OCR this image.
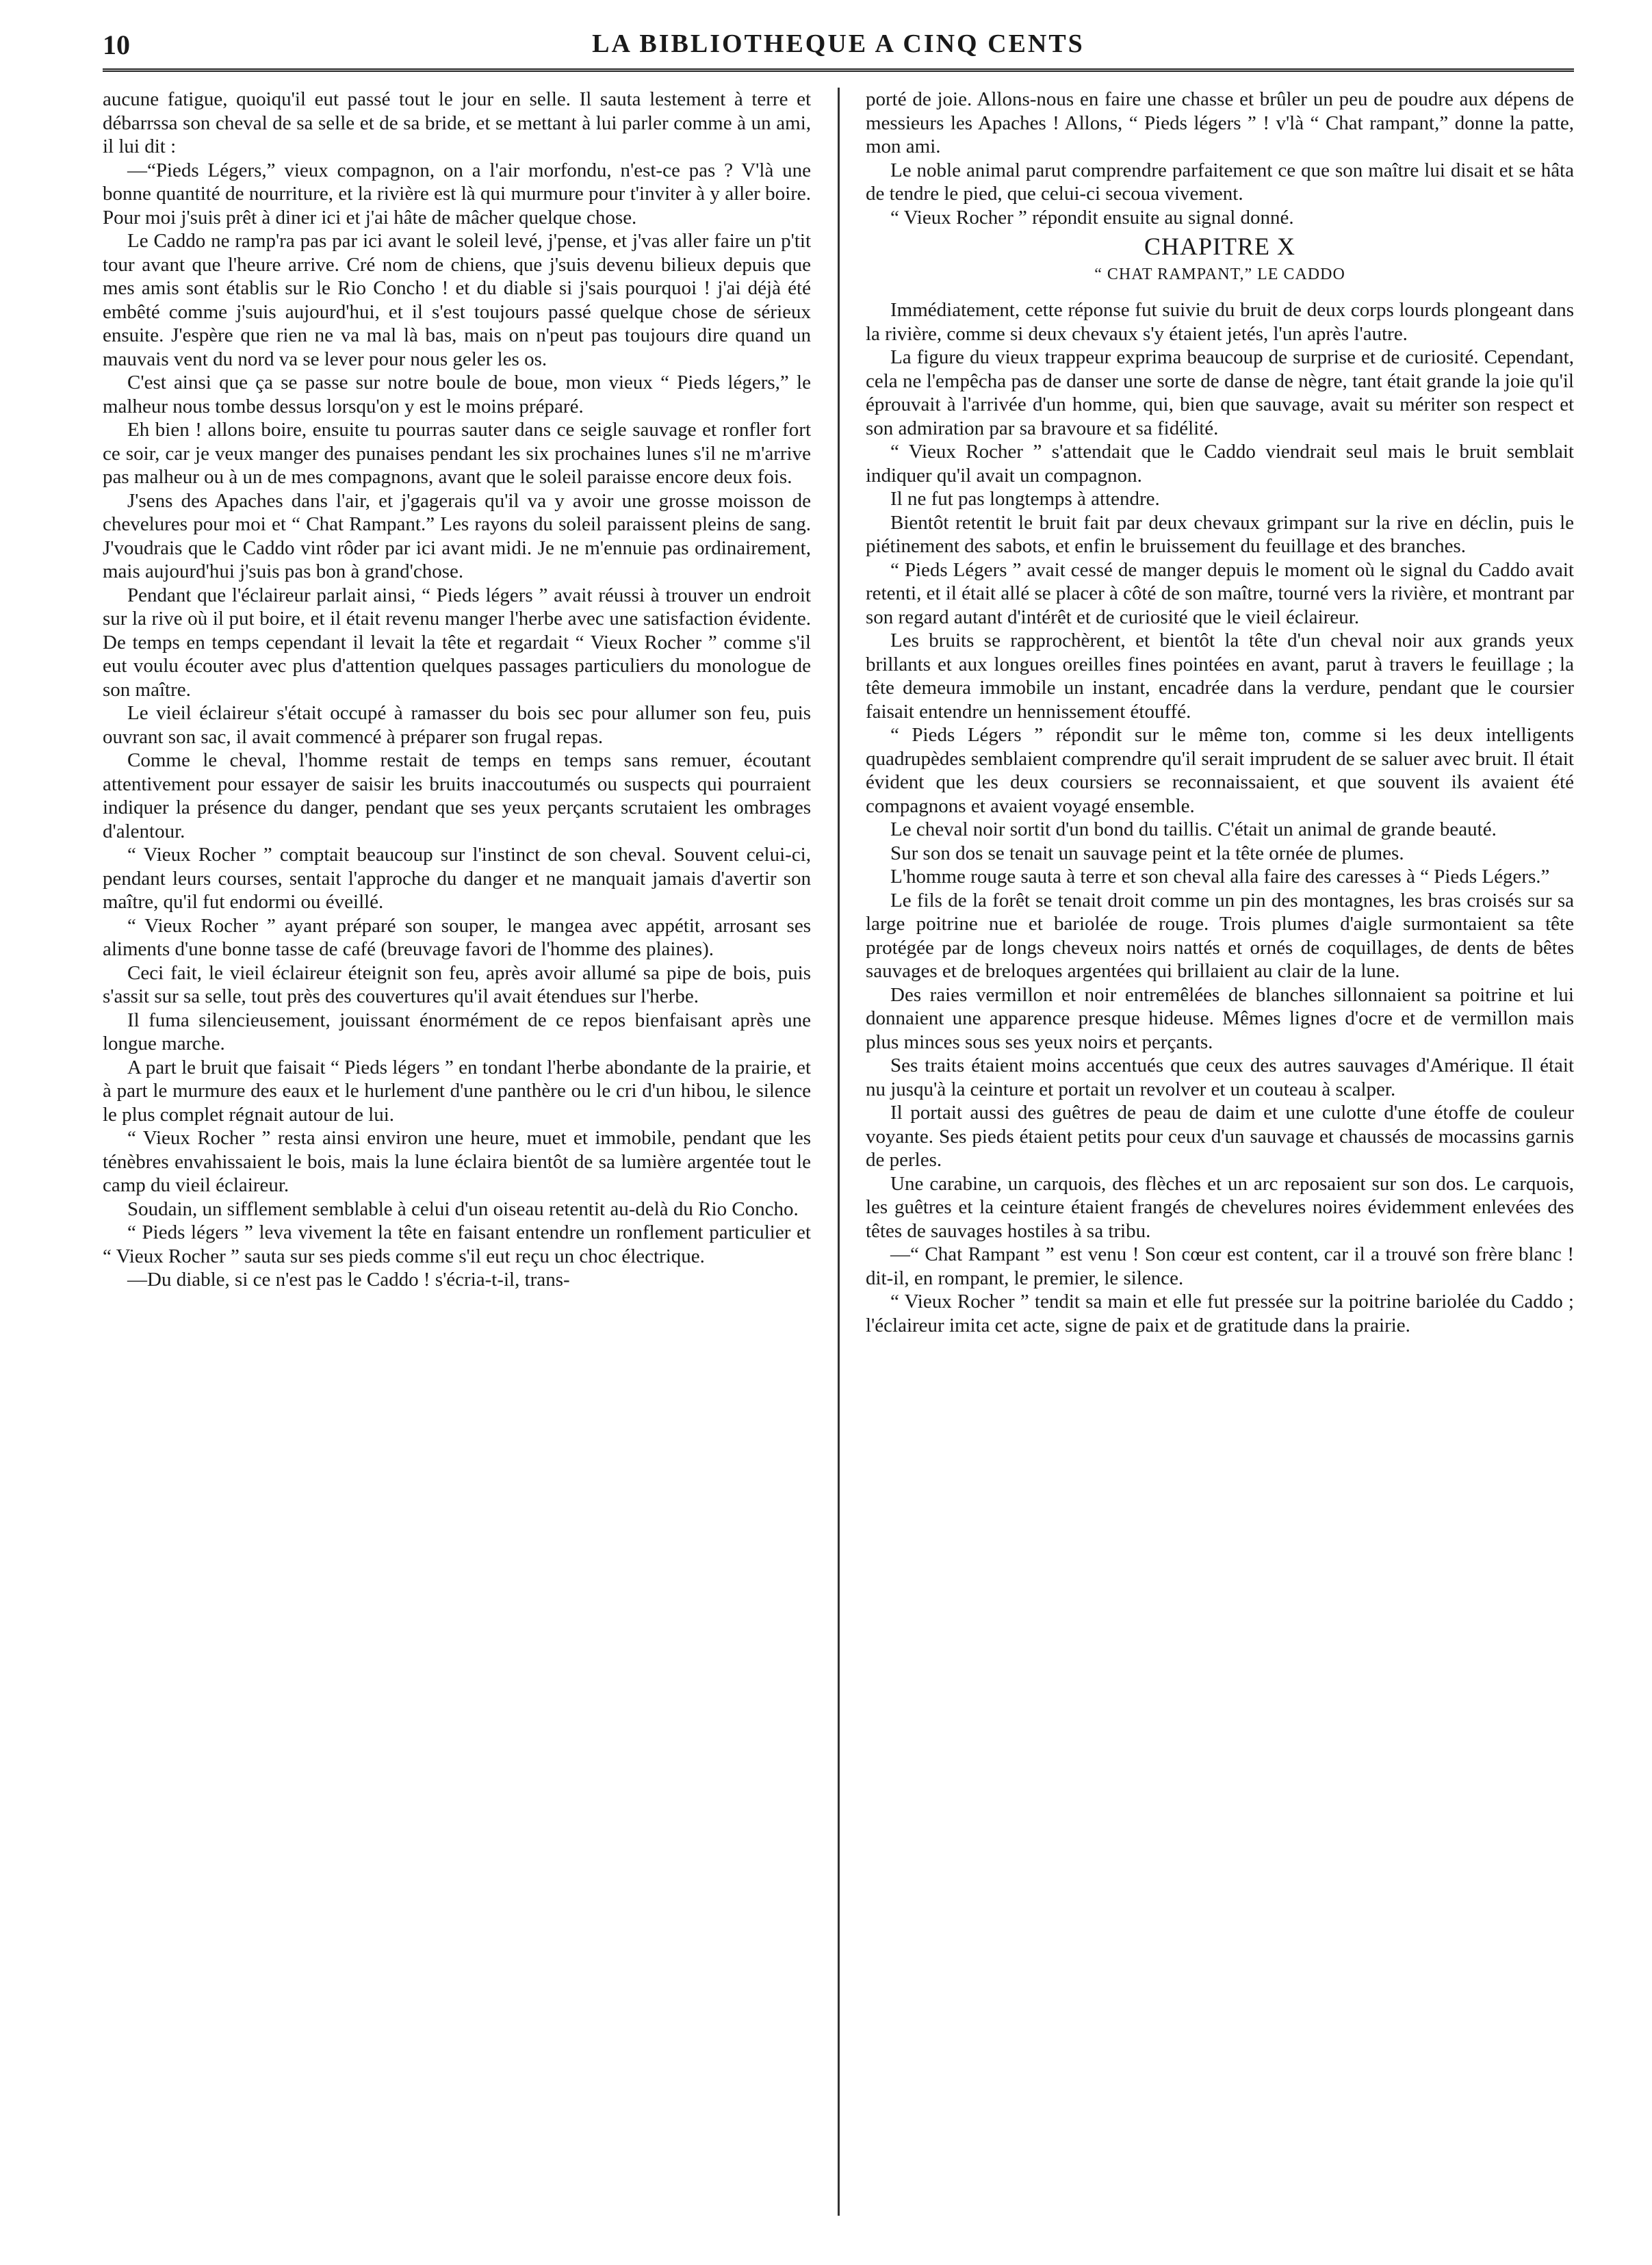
10	LA BIBLIOTHEQUE A CINQ CENTS

aucune fatigue, quoiqu'il eut passé tout le jour en selle. Il sauta lestement à terre et débarrssa son cheval de sa selle et de sa bride, et se mettant à lui parler comme à un ami, il lui dit :

—“Pieds Légers,” vieux compagnon, on a l'air morfondu, n'est-ce pas ? V'là une bonne quantité de nourriture, et la rivière est là qui murmure pour t'inviter à y aller boire. Pour moi j'suis prêt à diner ici et j'ai hâte de mâcher quelque chose.

Le Caddo ne ramp'ra pas par ici avant le soleil levé, j'pense, et j'vas aller faire un p'tit tour avant que l'heure arrive. Cré nom de chiens, que j'suis devenu bilieux depuis que mes amis sont établis sur le Rio Concho ! et du diable si j'sais pourquoi ! j'ai déjà été embêté comme j'suis aujourd'hui, et il s'est toujours passé quelque chose de sérieux ensuite. J'espère que rien ne va mal là bas, mais on n'peut pas toujours dire quand un mauvais vent du nord va se lever pour nous geler les os.

C'est ainsi que ça se passe sur notre boule de boue, mon vieux “ Pieds légers,” le malheur nous tombe dessus lorsqu'on y est le moins préparé.

Eh bien ! allons boire, ensuite tu pourras sauter dans ce seigle sauvage et ronfler fort ce soir, car je veux manger des punaises pendant les six prochaines lunes s'il ne m'arrive pas malheur ou à un de mes compagnons, avant que le soleil paraisse encore deux fois.

J'sens des Apaches dans l'air, et j'gagerais qu'il va y avoir une grosse moisson de chevelures pour moi et “ Chat Rampant.” Les rayons du soleil paraissent pleins de sang. J'voudrais que le Caddo vint rôder par ici avant midi. Je ne m'ennuie pas ordinairement, mais aujourd'hui j'suis pas bon à grand'chose.

Pendant que l'éclaireur parlait ainsi, “ Pieds légers ” avait réussi à trouver un endroit sur la rive où il put boire, et il était revenu manger l'herbe avec une satisfaction évidente. De temps en temps cependant il levait la tête et regardait “ Vieux Rocher ” comme s'il eut voulu écouter avec plus d'attention quelques passages particuliers du monologue de son maître.

Le vieil éclaireur s'était occupé à ramasser du bois sec pour allumer son feu, puis ouvrant son sac, il avait commencé à préparer son frugal repas.

Comme le cheval, l'homme restait de temps en temps sans remuer, écoutant attentivement pour essayer de saisir les bruits inaccoutumés ou suspects qui pourraient indiquer la présence du danger, pendant que ses yeux perçants scrutaient les ombrages d'alentour.

“ Vieux Rocher ” comptait beaucoup sur l'instinct de son cheval. Souvent celui-ci, pendant leurs courses, sentait l'approche du danger et ne manquait jamais d'avertir son maître, qu'il fut endormi ou éveillé.

“ Vieux Rocher ” ayant préparé son souper, le mangea avec appétit, arrosant ses aliments d'une bonne tasse de café (breuvage favori de l'homme des plaines).

Ceci fait, le vieil éclaireur éteignit son feu, après avoir allumé sa pipe de bois, puis s'assit sur sa selle, tout près des couvertures qu'il avait étendues sur l'herbe.

Il fuma silencieusement, jouissant énormément de ce repos bienfaisant après une longue marche.

A part le bruit que faisait “ Pieds légers ” en tondant l'herbe abondante de la prairie, et à part le murmure des eaux et le hurlement d'une panthère ou le cri d'un hibou, le silence le plus complet régnait autour de lui.

“ Vieux Rocher ” resta ainsi environ une heure, muet et immobile, pendant que les ténèbres envahissaient le bois, mais la lune éclaira bientôt de sa lumière argentée tout le camp du vieil éclaireur.

Soudain, un sifflement semblable à celui d'un oiseau retentit au-delà du Rio Concho.

“ Pieds légers ” leva vivement la tête en faisant entendre un ronflement particulier et “ Vieux Rocher ” sauta sur ses pieds comme s'il eut reçu un choc électrique.

—Du diable, si ce n'est pas le Caddo ! s'écria-t-il, trans-

porté de joie. Allons-nous en faire une chasse et brûler un peu de poudre aux dépens de messieurs les Apaches ! Allons, “ Pieds légers ” ! v'là “ Chat rampant,” donne la patte, mon ami.

Le noble animal parut comprendre parfaitement ce que son maître lui disait et se hâta de tendre le pied, que celui-ci secoua vivement.

“ Vieux Rocher ” répondit ensuite au signal donné.

CHAPITRE X
“ CHAT RAMPANT,” LE CADDO

Immédiatement, cette réponse fut suivie du bruit de deux corps lourds plongeant dans la rivière, comme si deux chevaux s'y étaient jetés, l'un après l'autre.

La figure du vieux trappeur exprima beaucoup de surprise et de curiosité. Cependant, cela ne l'empêcha pas de danser une sorte de danse de nègre, tant était grande la joie qu'il éprouvait à l'arrivée d'un homme, qui, bien que sauvage, avait su mériter son respect et son admiration par sa bravoure et sa fidélité.

“ Vieux Rocher ” s'attendait que le Caddo viendrait seul mais le bruit semblait indiquer qu'il avait un compagnon.

Il ne fut pas longtemps à attendre.

Bientôt retentit le bruit fait par deux chevaux grimpant sur la rive en déclin, puis le piétinement des sabots, et enfin le bruissement du feuillage et des branches.

“ Pieds Légers ” avait cessé de manger depuis le moment où le signal du Caddo avait retenti, et il était allé se placer à côté de son maître, tourné vers la rivière, et montrant par son regard autant d'intérêt et de curiosité que le vieil éclaireur.

Les bruits se rapprochèrent, et bientôt la tête d'un cheval noir aux grands yeux brillants et aux longues oreilles fines pointées en avant, parut à travers le feuillage ; la tête demeura immobile un instant, encadrée dans la verdure, pendant que le coursier faisait entendre un hennissement étouffé.

“ Pieds Légers ” répondit sur le même ton, comme si les deux intelligents quadrupèdes semblaient comprendre qu'il serait imprudent de se saluer avec bruit. Il était évident que les deux coursiers se reconnaissaient, et que souvent ils avaient été compagnons et avaient voyagé ensemble.

Le cheval noir sortit d'un bond du taillis. C'était un animal de grande beauté.

Sur son dos se tenait un sauvage peint et la tête ornée de plumes.

L'homme rouge sauta à terre et son cheval alla faire des caresses à “ Pieds Légers.”

Le fils de la forêt se tenait droit comme un pin des montagnes, les bras croisés sur sa large poitrine nue et bariolée de rouge. Trois plumes d'aigle surmontaient sa tête protégée par de longs cheveux noirs nattés et ornés de coquillages, de dents de bêtes sauvages et de breloques argentées qui brillaient au clair de la lune.

Des raies vermillon et noir entremêlées de blanches sillonnaient sa poitrine et lui donnaient une apparence presque hideuse. Mêmes lignes d'ocre et de vermillon mais plus minces sous ses yeux noirs et perçants.

Ses traits étaient moins accentués que ceux des autres sauvages d'Amérique. Il était nu jusqu'à la ceinture et portait un revolver et un couteau à scalper.

Il portait aussi des guêtres de peau de daim et une culotte d'une étoffe de couleur voyante. Ses pieds étaient petits pour ceux d'un sauvage et chaussés de mocassins garnis de perles.

Une carabine, un carquois, des flèches et un arc reposaient sur son dos. Le carquois, les guêtres et la ceinture étaient frangés de chevelures noires évidemment enlevées des têtes de sauvages hostiles à sa tribu.

—“ Chat Rampant ” est venu ! Son cœur est content, car il a trouvé son frère blanc ! dit-il, en rompant, le premier, le silence.

“ Vieux Rocher ” tendit sa main et elle fut pressée sur la poitrine bariolée du Caddo ; l'éclaireur imita cet acte, signe de paix et de gratitude dans la prairie.
